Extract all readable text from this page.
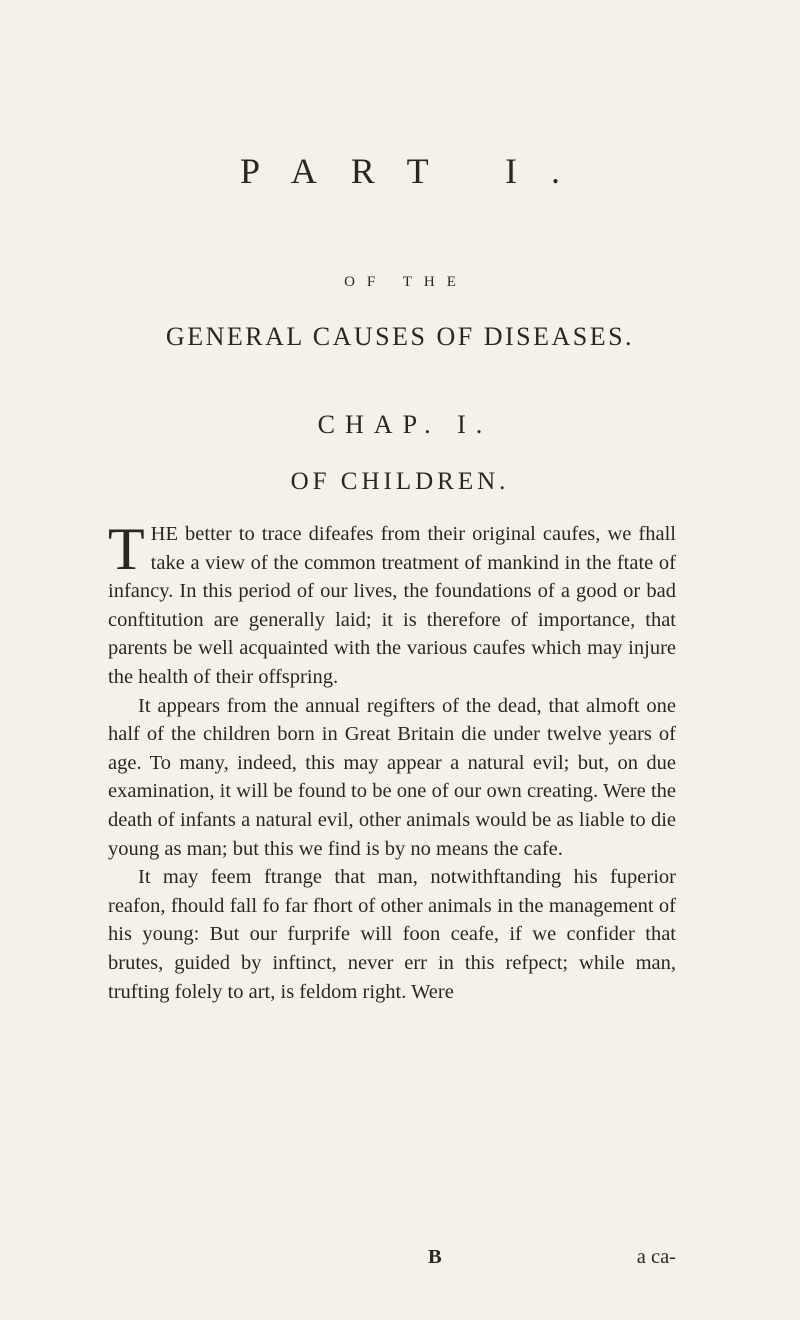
PART I.
OF THE
GENERAL CAUSES OF DISEASES.
CHAP. I.
OF CHILDREN.

THE better to trace difeafes from their original caufes, we fhall take a view of the common treatment of mankind in the ftate of infancy. In this period of our lives, the foundations of a good or bad conftitution are generally laid; it is therefore of importance, that parents be well acquainted with the various caufes which may injure the health of their offspring.

It appears from the annual regifters of the dead, that almoft one half of the children born in Great Britain die under twelve years of age. To many, indeed, this may appear a natural evil; but, on due examination, it will be found to be one of our own creating. Were the death of infants a natural evil, other animals would be as liable to die young as man; but this we find is by no means the cafe.

It may feem ftrange that man, notwithftanding his fuperior reafon, fhould fall fo far fhort of other animals in the management of his young: But our furprife will foon ceafe, if we confider that brutes, guided by inftinct, never err in this refpect; while man, trufting folely to art, is feldom right. Were

B	a ca-
